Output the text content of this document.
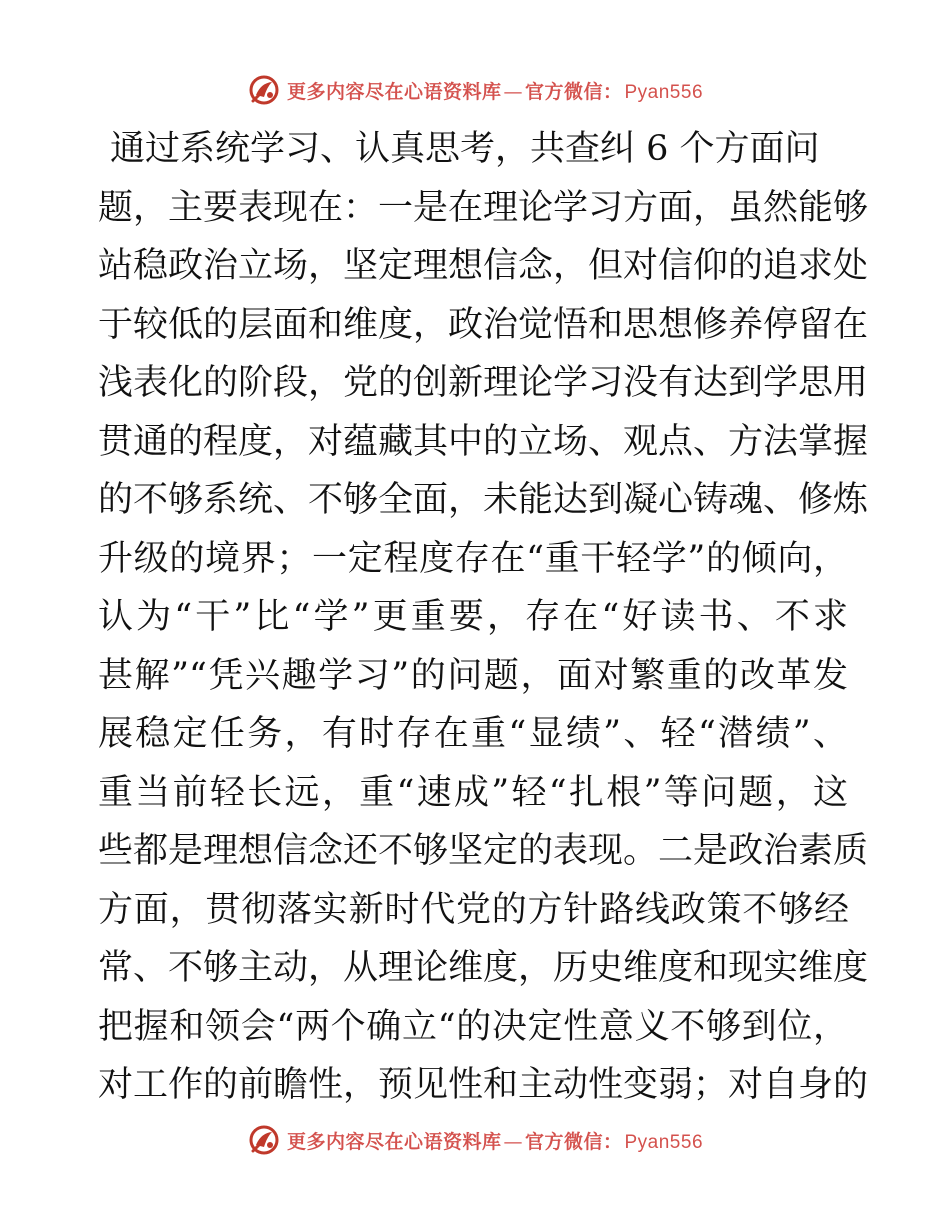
更多内容尽在心语资料库 — 官方微信： Pyan556
通过系统学习、认真思考，共查纠 6 个方面问
题，主要表现在：一是在理论学习方面，虽然能够
站稳政治立场，坚定理想信念，但对信仰的追求处
于较低的层面和维度，政治觉悟和思想修养停留在
浅表化的阶段，党的创新理论学习没有达到学思用
贯通的程度，对蕴藏其中的立场、观点、方法掌握
的不够系统、不够全面，未能达到凝心铸魂、修炼
升级的境界；一定程度存在“重干轻学”的倾向，
认为“干”比“学”更重要，存在“好读书、不求
甚解”“凭兴趣学习”的问题，面对繁重的改革发
展稳定任务，有时存在重“显绩”、轻“潜绩”、
重当前轻长远，重“速成”轻“扎根”等问题，这
些都是理想信念还不够坚定的表现。二是政治素质
方面，贯彻落实新时代党的方针路线政策不够经
常、不够主动，从理论维度，历史维度和现实维度
把握和领会“两个确立“的决定性意义不够到位，
对工作的前瞻性，预见性和主动性变弱；对自身的
更多内容尽在心语资料库 — 官方微信： Pyan556
